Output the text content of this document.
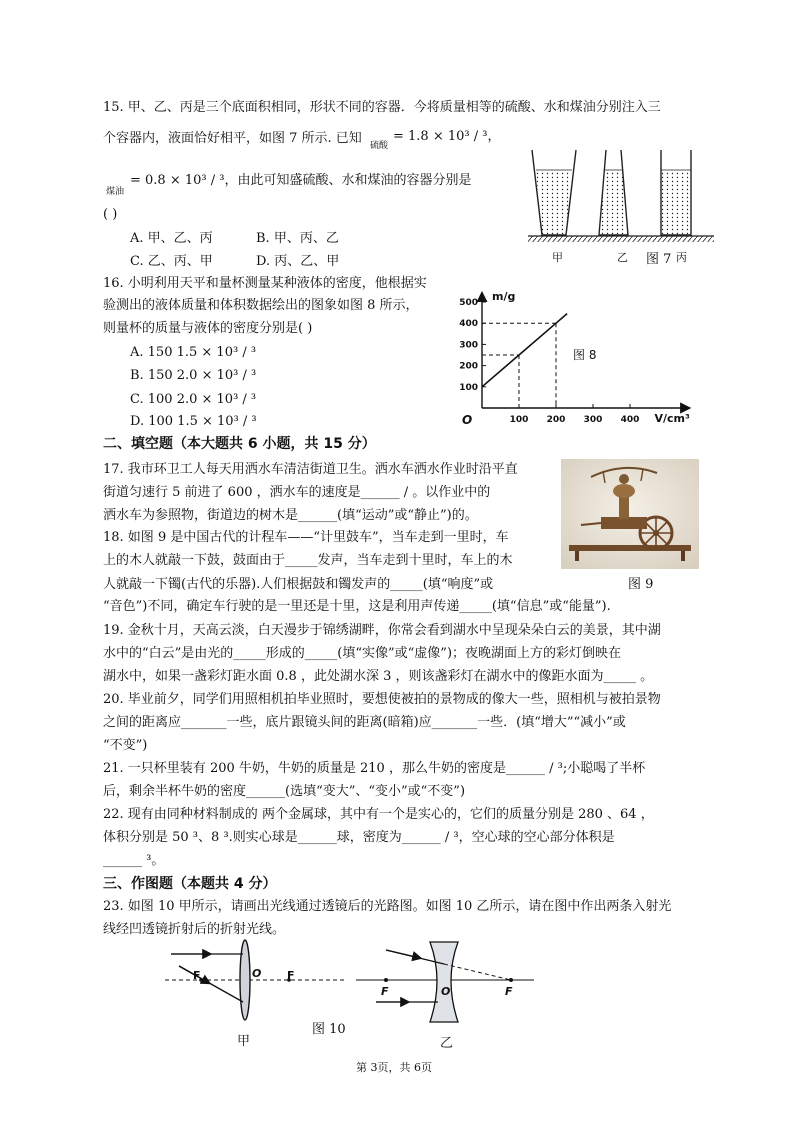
15. 甲、乙、丙是三个底面积相同，形状不同的容器．今将质量相等的硫酸、水和煤油分别注入三
个容器内，液面恰好相平，如图 7 所示. 已知 硫酸
= 1.8 × 10³ / ³，
煤油
= 0.8 × 10³ / ³，由此可知盛硫酸、水和煤油的容器分别是
( )
A. 甲、乙、丙	B. 甲、丙、乙
C. 乙、丙、甲	D. 丙、乙、甲	甲	乙 图 7 丙
16. 小明利用天平和量杯测量某种液体的密度，他根据实
验测出的液体质量和体积数据绘出的图象如图 8 所示，
则量杯的质量与液体的密度分别是( )
A. 150 1.5 × 10³ / ³
B. 150 2.0 × 10³ / ³
C. 100 2.0 × 10³ / ³
D. 100 1.5 × 10³ / ³
100
200
300
400
500
100 200 300 400
m/g
V/cm³
O
图 8
二、填空题（本大题共 6 小题，共 15 分）
17. 我市环卫工人每天用洒水车清洁街道卫生。洒水车洒水作业时沿平直
街道匀速行 5 前进了 600 ，洒水车的速度是______ / 。以作业中的
洒水车为参照物，街道边的树木是______(填“运动”或“静止”)的。
图 9
18. 如图 9 是中国古代的计程车——“计里鼓车”，当车走到一里时，车
上的木人就敲一下鼓，鼓面由于_____发声，当车走到十里时，车上的木
人就敲一下镯(古代的乐器).人们根据鼓和镯发声的_____(填“响度”或
“音色”)不同，确定车行驶的是一里还是十里，这是利用声传递_____(填“信息”或“能量”).
19. 金秋十月，天高云淡，白天漫步于锦绣湖畔，你常会看到湖水中呈现朵朵白云的美景，其中湖
水中的“白云”是由光的_____形成的_____(填“实像”或“虚像”)；夜晚湖面上方的彩灯倒映在
湖水中，如果一盏彩灯距水面 0.8 ，此处湖水深 3 ，则该盏彩灯在湖水中的像距水面为_____ 。
20. 毕业前夕，同学们用照相机拍毕业照时，要想使被拍的景物成的像大一些，照相机与被拍景物
之间的距离应_______一些，底片跟镜头间的距离(暗箱)应_______一些．(填“增大”“减小”或
“不变”)
21. 一只杯里装有 200 牛奶，牛奶的质量是 210 ，那么牛奶的密度是______ / ³;小聪喝了半杯
后，剩余半杯牛奶的密度______(选填“变大”、“变小”或“不变”)
22. 现有由同种材料制成的 两个金属球，其中有一个是实心的，它们的质量分别是 280 、64 ，
体积分别是 50 ³、8 ³.则实心球是______球，密度为______ / ³，空心球的空心部分体积是
______ ³。
三、作图题（本题共 4 分）
23. 如图 10 甲所示，请画出光线通过透镜后的光路图。如图 10 乙所示，请在图中作出两条入射光
线经凹透镜折射后的折射光线。
F	O F
甲
图 10
F	O	F
乙
第 3页，共 6页
